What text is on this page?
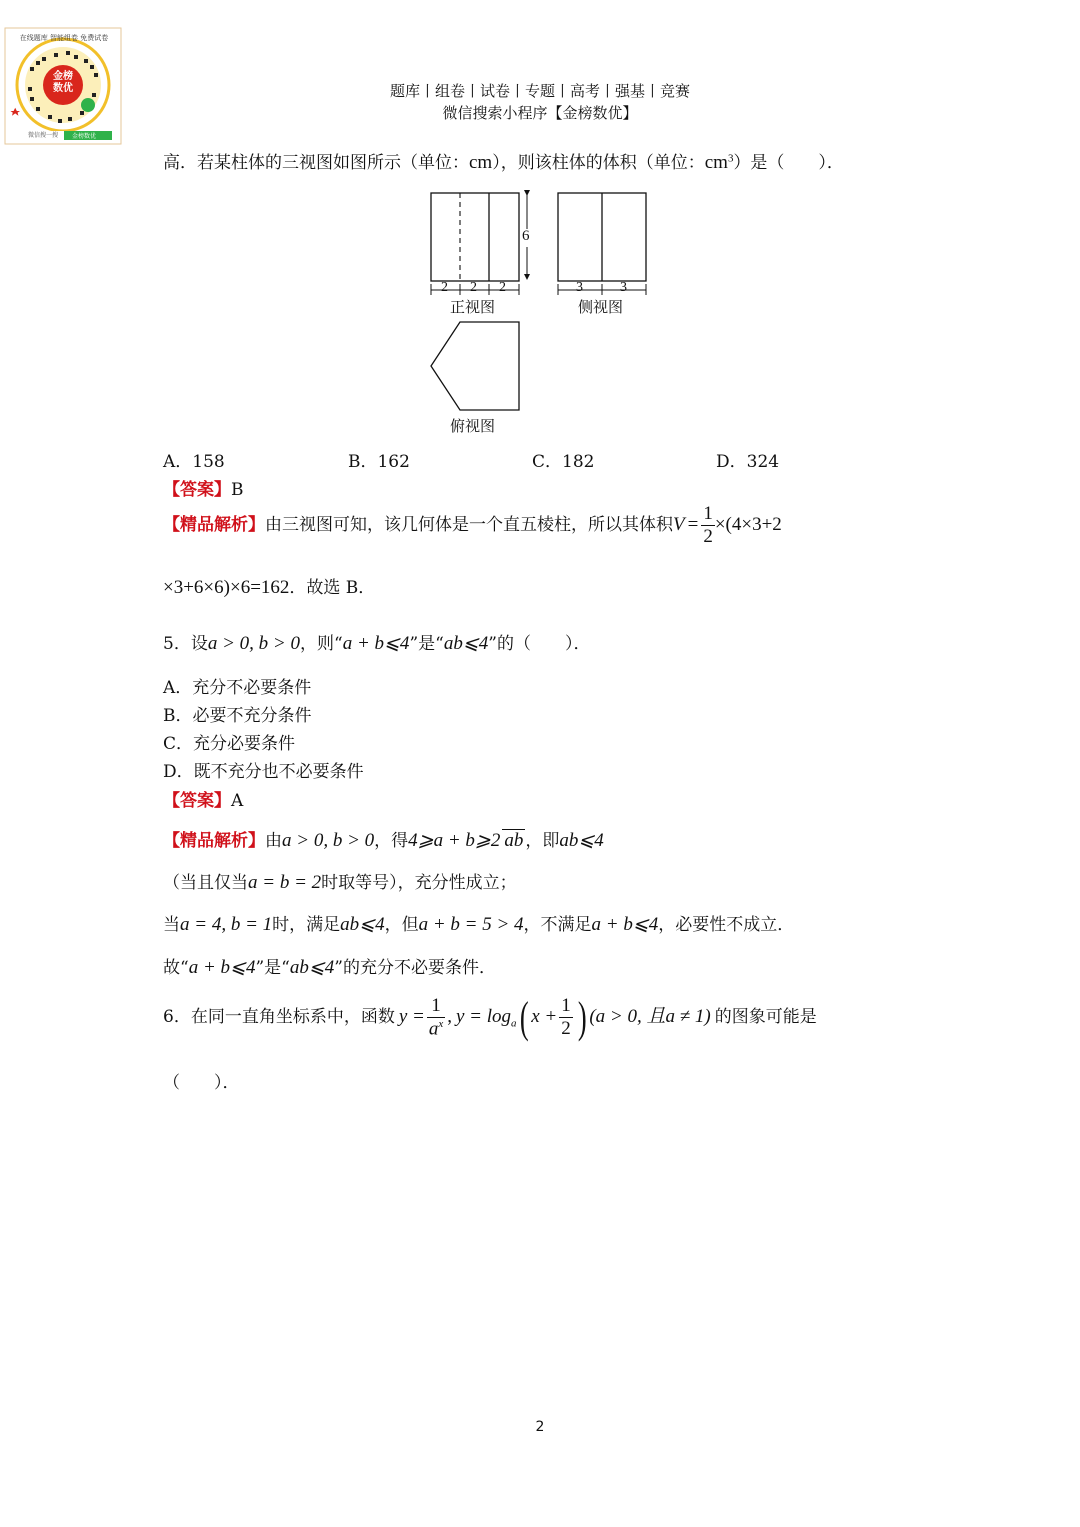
金榜
数优
在线题库 智能组卷 免费试卷
微信搜一搜 金榜数优
题库丨组卷丨试卷丨专题丨高考丨强基丨竞赛
微信搜索小程序【金榜数优】
高．若某柱体的三视图如图所示（单位：cm），则该柱体的体积（单位：$cm^3$）是（　　）．
6
2 2 2	3	3
正视图	侧视图
俯视图
A．158	B．162	C．182	D．324
【答案】B
【精品解析】由三视图可知，该几何体是一个直五棱柱，所以其体积$V = \frac{1}{2} \times(4\times 3+2$
×3+6×6)×6=162．故选 B．
5．设a > 0, b > 0，则“a + b⩽4”是“ab⩽4”的（　　）．
A．充分不必要条件
B．必要不充分条件
C．充分必要条件
D．既不充分也不必要条件
【答案】A
【精品解析】由a > 0, b > 0，得4⩾a + b⩾2 ab ，即ab⩽4
（当且仅当a = b = 2时取等号），充分性成立；
当a = 4, b = 1时，满足ab⩽4，但a + b = 5 > 4，不满足a + b⩽4，必要性不成立．
故“a + b⩽4”是“ab⩽4”的充分不必要条件．
6．在同一直角坐标系中，函数 $y = \frac{1}{a^x}$ , $y = \log_a$( $x + \frac{1}{2}$ ) (a > 0, 且a ≠ 1) 的图象可能是
（　　）．
2
